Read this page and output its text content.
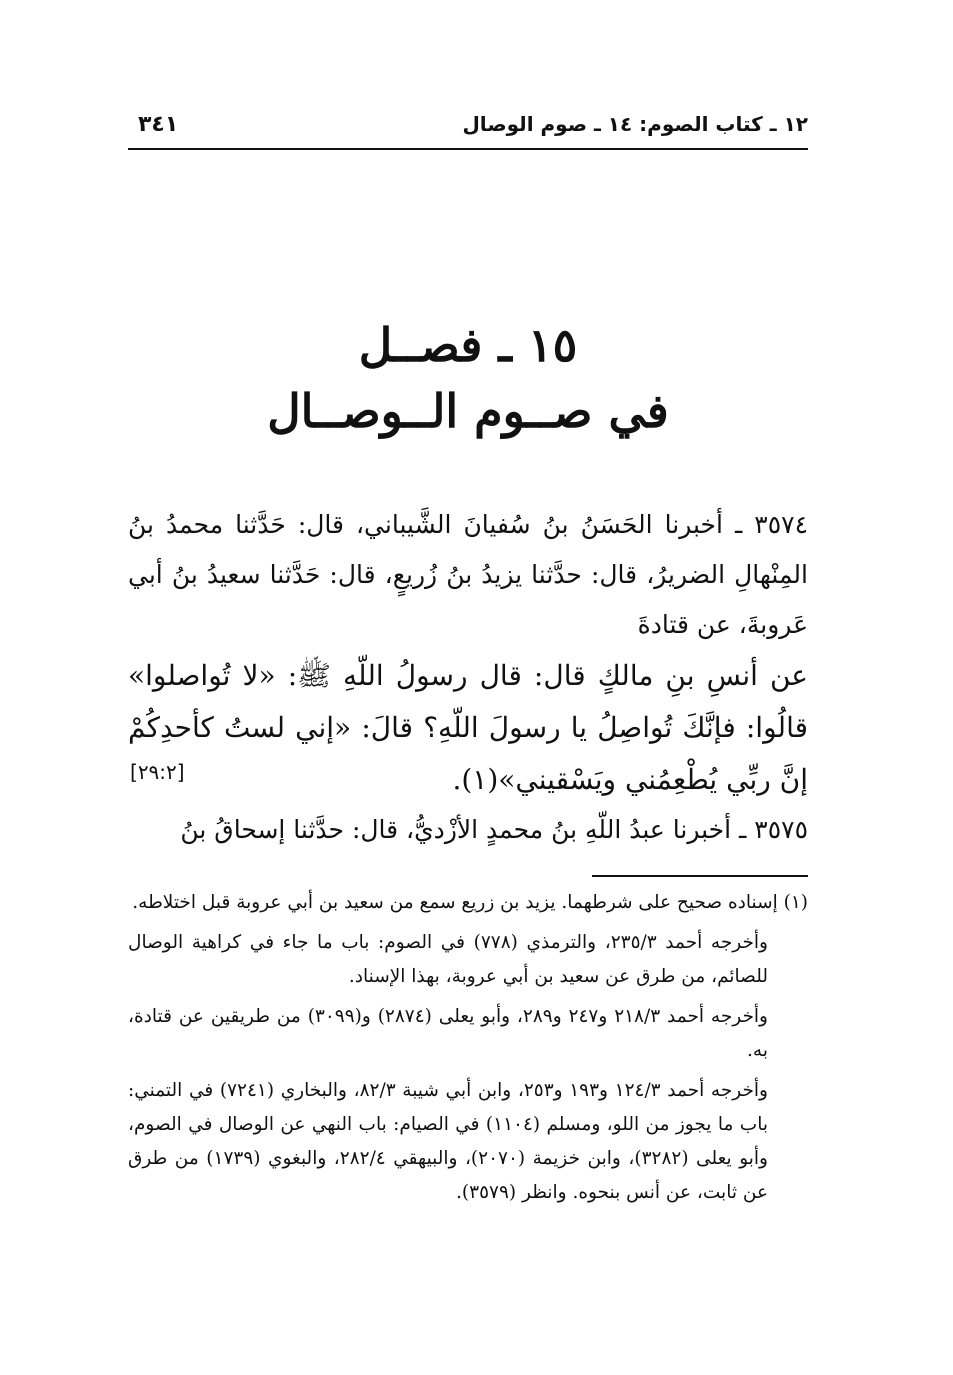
١٢ ـ كتاب الصوم: ١٤ ـ صوم الوصال
٣٤١
١٥ ـ فصــل
في صــوم الــوصــال
٣٥٧٤ ـ أخبرنا الحَسَنُ بنُ سُفيانَ الشَّيباني، قال: حَدَّثنا محمدُ بنُ المِنْهالِ الضريرُ، قال: حدَّثنا يزيدُ بنُ زُريعٍ، قال: حَدَّثنا سعيدُ بنُ أبي عَروبةَ، عن قتادةَ
عن أنسِ بنِ مالكٍ قال: قال رسولُ اللّهِ ﷺ: «لا تُواصلوا» قالُوا: فإنَّكَ تُواصِلُ يا رسولَ اللّهِ؟ قالَ: «إني لستُ كأحدِكُمْ إنَّ ربِّي يُطْعِمُني ويَسْقيني»(١).
[٢٩:٢]
٣٥٧٥ ـ أخبرنا عبدُ اللّهِ بنُ محمدٍ الأزْديُّ، قال: حدَّثنا إسحاقُ بنُ

(١) إسناده صحيح على شرطهما. يزيد بن زريع سمع من سعيد بن أبي عروبة قبل اختلاطه.

وأخرجه أحمد ٢٣٥/٣، والترمذي (٧٧٨) في الصوم: باب ما جاء في كراهية الوصال للصائم، من طرق عن سعيد بن أبي عروبة، بهذا الإسناد.

وأخرجه أحمد ٢١٨/٣ و٢٤٧ و٢٨٩، وأبو يعلى (٢٨٧٤) و(٣٠٩٩) من طريقين عن قتادة، به.

وأخرجه أحمد ١٢٤/٣ و١٩٣ و٢٥٣، وابن أبي شيبة ٨٢/٣، والبخاري (٧٢٤١) في التمني: باب ما يجوز من اللو، ومسلم (١١٠٤) في الصيام: باب النهي عن الوصال في الصوم، وأبو يعلى (٣٢٨٢)، وابن خزيمة (٢٠٧٠)، والبيهقي ٢٨٢/٤، والبغوي (١٧٣٩) من طرق عن ثابت، عن أنس بنحوه. وانظر (٣٥٧٩).
